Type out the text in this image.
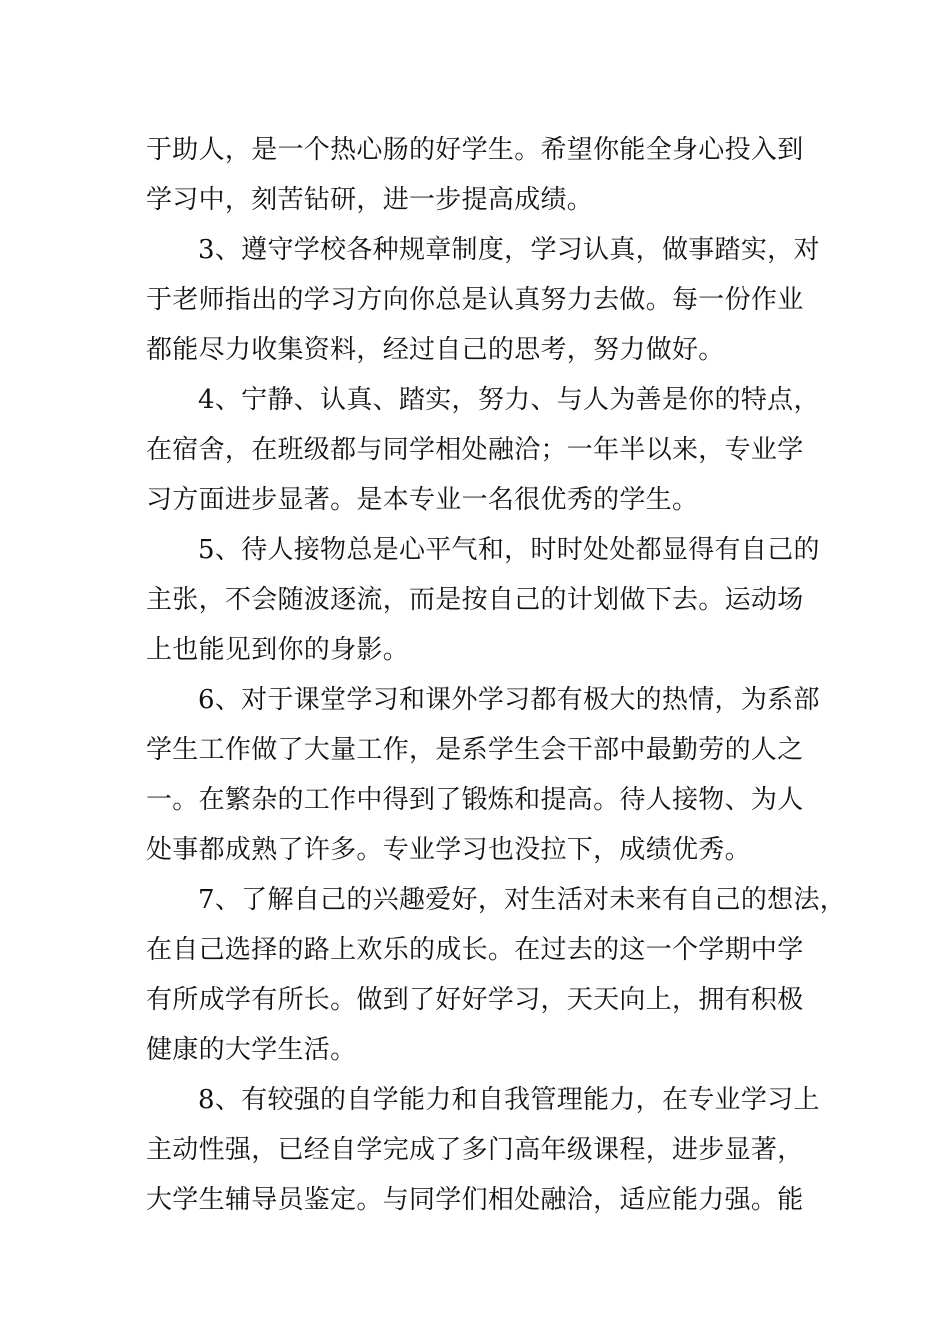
于助人，是一个热心肠的好学生。希望你能全身心投入到
学习中，刻苦钻研，进一步提高成绩。
3、遵守学校各种规章制度，学习认真，做事踏实，对
于老师指出的学习方向你总是认真努力去做。每一份作业
都能尽力收集资料，经过自己的思考，努力做好。
4、宁静、认真、踏实，努力、与人为善是你的特点，
在宿舍，在班级都与同学相处融洽；一年半以来，专业学
习方面进步显著。是本专业一名很优秀的学生。
5、待人接物总是心平气和，时时处处都显得有自己的
主张，不会随波逐流，而是按自己的计划做下去。运动场
上也能见到你的身影。
6、对于课堂学习和课外学习都有极大的热情，为系部
学生工作做了大量工作，是系学生会干部中最勤劳的人之
一。在繁杂的工作中得到了锻炼和提高。待人接物、为人
处事都成熟了许多。专业学习也没拉下，成绩优秀。
7、了解自己的兴趣爱好，对生活对未来有自己的想法，
在自己选择的路上欢乐的成长。在过去的这一个学期中学
有所成学有所长。做到了好好学习，天天向上，拥有积极
健康的大学生活。
8、有较强的自学能力和自我管理能力，在专业学习上
主动性强，已经自学完成了多门高年级课程，进步显著，
大学生辅导员鉴定。与同学们相处融洽，适应能力强。能
